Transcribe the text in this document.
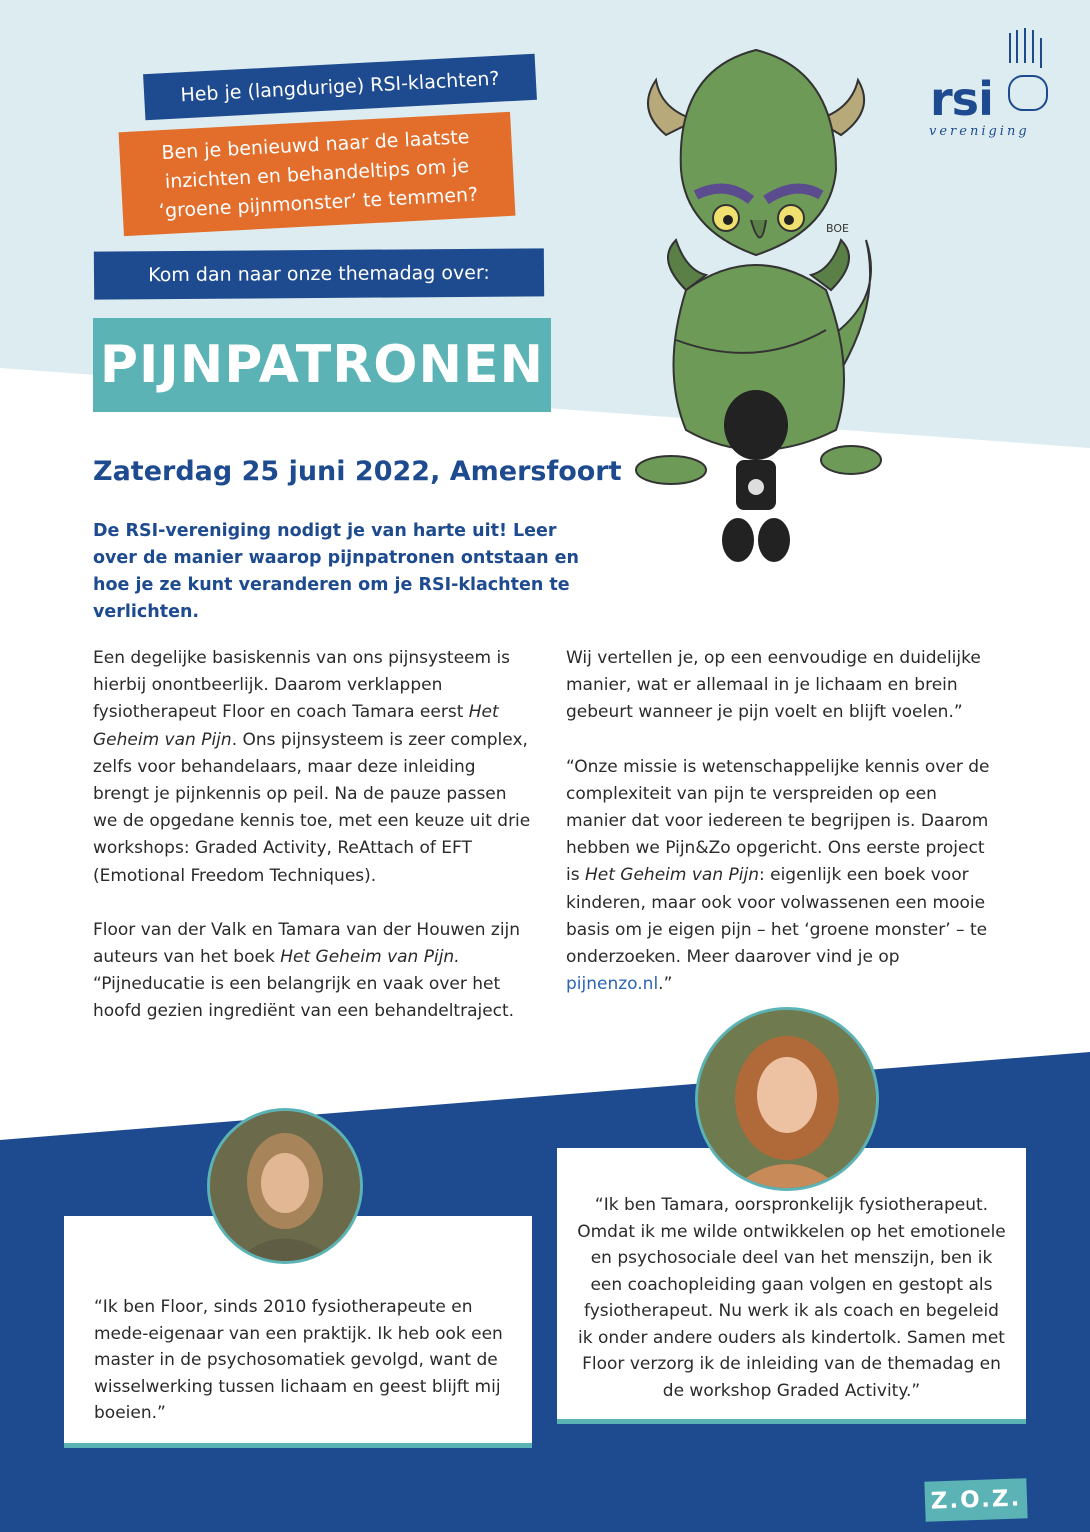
BOE
rsi
vereniging
Heb je (langdurige) RSI-klachten?
Ben je benieuwd naar de laatste inzichten en behandeltips om je ‘groene pijnmonster’ te temmen?
Kom dan naar onze themadag over:
PIJNPATRONEN
Zaterdag 25 juni 2022, Amersfoort
De RSI-vereniging nodigt je van harte uit! Leer over de manier waarop pijnpatronen ontstaan en hoe je ze kunt veranderen om je RSI-klachten te verlichten.

Een degelijke basiskennis van ons pijnsysteem is hierbij onontbeerlijk. Daarom verklappen fysiotherapeut Floor en coach Tamara eerst Het Geheim van Pijn. Ons pijnsysteem is zeer complex, zelfs voor behandelaars, maar deze inleiding brengt je pijnkennis op peil. Na de pauze passen we de opgedane kennis toe, met een keuze uit drie workshops: Graded Activity, ReAttach of EFT (Emotional Freedom Techniques).

Floor van der Valk en Tamara van der Houwen zijn auteurs van het boek Het Geheim van Pijn. “Pijneducatie is een belangrijk en vaak over het hoofd gezien ingrediënt van een behandeltraject.

Wij vertellen je, op een eenvoudige en duidelijke manier, wat er allemaal in je lichaam en brein gebeurt wanneer je pijn voelt en blijft voelen.”

“Onze missie is wetenschappelijke kennis over de complexiteit van pijn te verspreiden op een manier dat voor iedereen te begrijpen is. Daarom hebben we Pijn&Zo opgericht. Ons eerste project is Het Geheim van Pijn: eigenlijk een boek voor kinderen, maar ook voor volwassenen een mooie basis om je eigen pijn – het ‘groene monster’ – te onderzoeken. Meer daarover vind je op pijnenzo.nl.”

“Ik ben Floor, sinds 2010 fysiotherapeute en mede-eigenaar van een praktijk. Ik heb ook een master in de psychosomatiek gevolgd, want de wisselwerking tussen lichaam en geest blijft mij boeien.”
“Ik ben Tamara, oorspronkelijk fysiotherapeut. Omdat ik me wilde ontwikkelen op het emotionele en psychosociale deel van het menszijn, ben ik een coachopleiding gaan volgen en gestopt als fysiotherapeut. Nu werk ik als coach en begeleid ik onder andere ouders als kindertolk. Samen met Floor verzorg ik de inleiding van de themadag en de workshop Graded Activity.”
Z.O.Z.
